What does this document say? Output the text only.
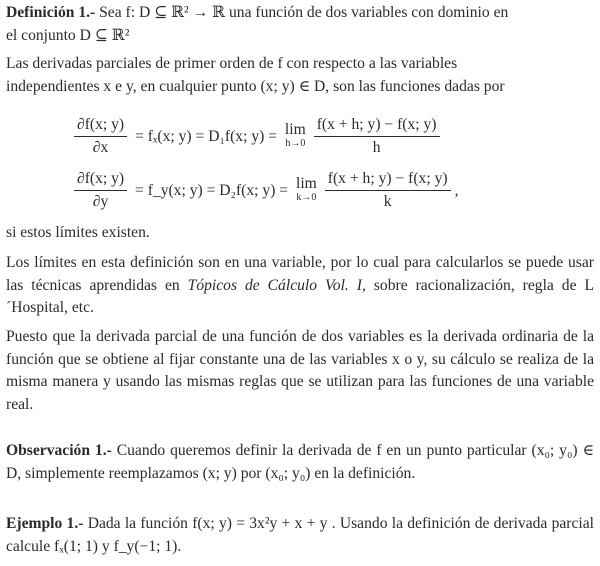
Definición 1.- Sea f: D ⊆ ℝ² → ℝ una función de dos variables con dominio en
el conjunto D ⊆ ℝ²
Las derivadas parciales de primer orden de f con respecto a las variables
independientes x e y, en cualquier punto (x; y) ∈ D, son las funciones dadas por
$\frac{\partial f(x; y)}{\partial x} = f_x(x$; y) = D₁f(x; y) = lim
$h\to 0 \frac{f(x + h; y) - f(x; y)}{h}$
$\frac{\partial f(x; y)}{\partial y}$ = f_y(x; y) = D₂f(x; y) = lim
$k\to 0 \frac{f(x + h; y) - f(x; y)}{k}$ ,
si estos límites existen.
Los límites en esta definición son en una variable, por lo cual para calcularlos se puede usar las técnicas aprendidas en Tópicos de Cálculo Vol. I, sobre racionalización, regla de L´Hospital, etc.
Puesto que la derivada parcial de una función de dos variables es la derivada ordinaria de la función que se obtiene al fijar constante una de las variables x o y, su cálculo se realiza de la misma manera y usando las mismas reglas que se utilizan para las funciones de una variable real.
Observación 1.- Cuando queremos definir la derivada de f en un punto particular (x₀; y₀) ∈ D, simplemente reemplazamos (x; y) por (x₀; y₀) en la definición.
Ejemplo 1.- Dada la función f(x; y) = 3x²y + x + y . Usando la definición de derivada parcial calcule fₓ(1; 1) y f_y(−1; 1).
